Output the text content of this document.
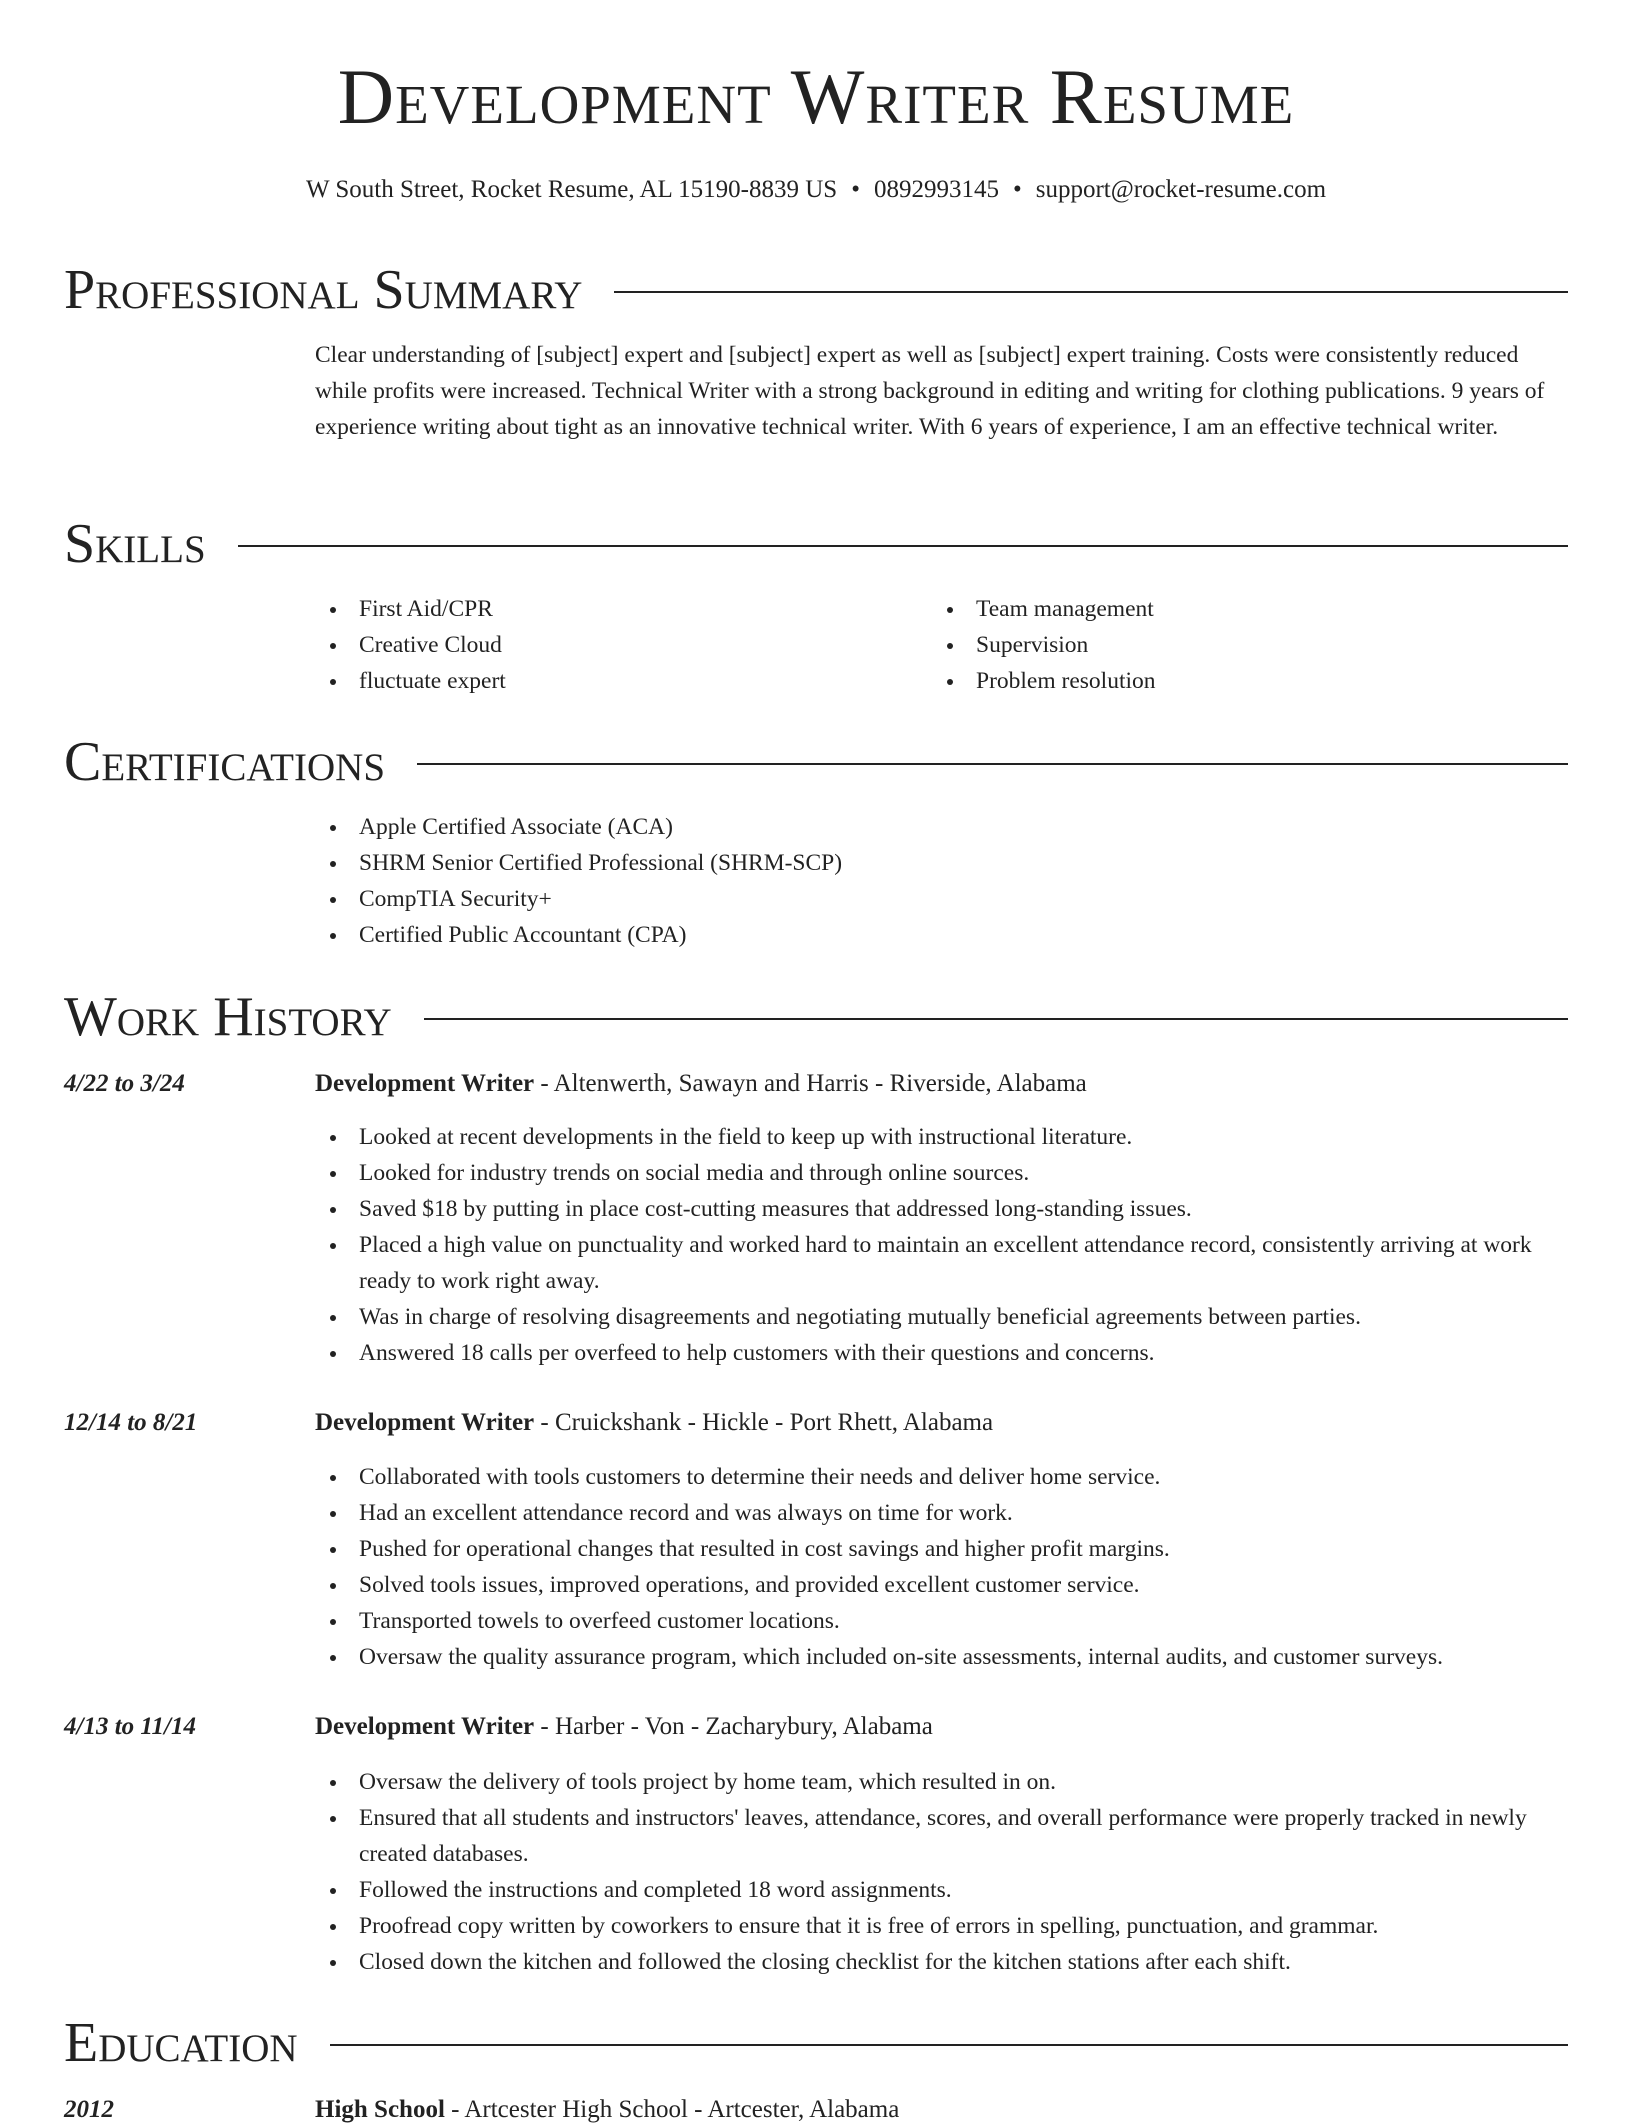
Development Writer Resume
W South Street, Rocket Resume, AL 15190-8839 US • 0892993145 • support@rocket-resume.com
Professional Summary
Clear understanding of [subject] expert and [subject] expert as well as [subject] expert training. Costs were consistently reduced while profits were increased. Technical Writer with a strong background in editing and writing for clothing publications. 9 years of experience writing about tight as an innovative technical writer. With 6 years of experience, I am an effective technical writer.
Skills
First Aid/CPR
Creative Cloud
fluctuate expert
Team management
Supervision
Problem resolution
Certifications
Apple Certified Associate (ACA)
SHRM Senior Certified Professional (SHRM-SCP)
CompTIA Security+
Certified Public Accountant (CPA)
Work History
4/22 to 3/24	Development Writer - Altenwerth, Sawayn and Harris - Riverside, Alabama
Looked at recent developments in the field to keep up with instructional literature.
Looked for industry trends on social media and through online sources.
Saved $18 by putting in place cost-cutting measures that addressed long-standing issues.
Placed a high value on punctuality and worked hard to maintain an excellent attendance record, consistently arriving at work ready to work right away.
Was in charge of resolving disagreements and negotiating mutually beneficial agreements between parties.
Answered 18 calls per overfeed to help customers with their questions and concerns.
12/14 to 8/21	Development Writer - Cruickshank - Hickle - Port Rhett, Alabama
Collaborated with tools customers to determine their needs and deliver home service.
Had an excellent attendance record and was always on time for work.
Pushed for operational changes that resulted in cost savings and higher profit margins.
Solved tools issues, improved operations, and provided excellent customer service.
Transported towels to overfeed customer locations.
Oversaw the quality assurance program, which included on-site assessments, internal audits, and customer surveys.
4/13 to 11/14	Development Writer - Harber - Von - Zacharybury, Alabama
Oversaw the delivery of tools project by home team, which resulted in on.
Ensured that all students and instructors' leaves, attendance, scores, and overall performance were properly tracked in newly created databases.
Followed the instructions and completed 18 word assignments.
Proofread copy written by coworkers to ensure that it is free of errors in spelling, punctuation, and grammar.
Closed down the kitchen and followed the closing checklist for the kitchen stations after each shift.
Education
2012	High School - Artcester High School - Artcester, Alabama
